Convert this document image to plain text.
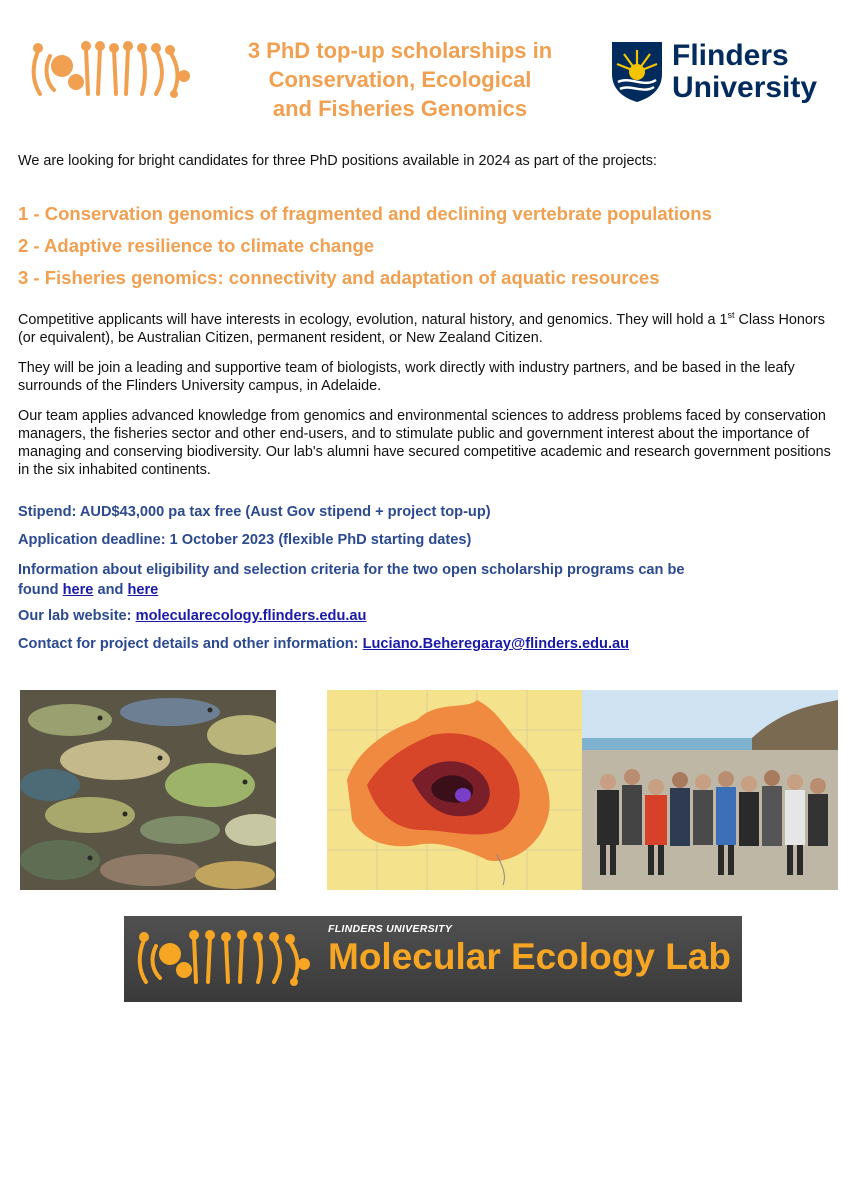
3 PhD top-up scholarships in
Conservation, Ecological
and Fisheries Genomics
Flinders
University
We are looking for bright candidates for three PhD positions available in 2024 as part of the projects:
1 - Conservation genomics of fragmented and declining vertebrate populations
2 - Adaptive resilience to climate change
3 - Fisheries genomics: connectivity and adaptation of aquatic resources
Competitive applicants will have interests in ecology, evolution, natural history, and genomics. They will hold a 1st Class Honors (or equivalent), be Australian Citizen, permanent resident, or New Zealand Citizen.
They will be join a leading and supportive team of biologists, work directly with industry partners, and be based in the leafy surrounds of the Flinders University campus, in Adelaide.
Our team applies advanced knowledge from genomics and environmental sciences to address problems faced by conservation managers, the fisheries sector and other end-users, and to stimulate public and government interest about the importance of managing and conserving biodiversity. Our lab's alumni have secured competitive academic and research government positions in the six inhabited continents.
Stipend: AUD$43,000 pa tax free (Aust Gov stipend + project top-up)
Application deadline: 1 October 2023 (flexible PhD starting dates)
Information about eligibility and selection criteria for the two open scholarship programs can be
found here and here
Our lab website: molecularecology.flinders.edu.au
Contact for project details and other information: Luciano.Beheregaray@flinders.edu.au
FLINDERS UNIVERSITY
Molecular Ecology Lab
